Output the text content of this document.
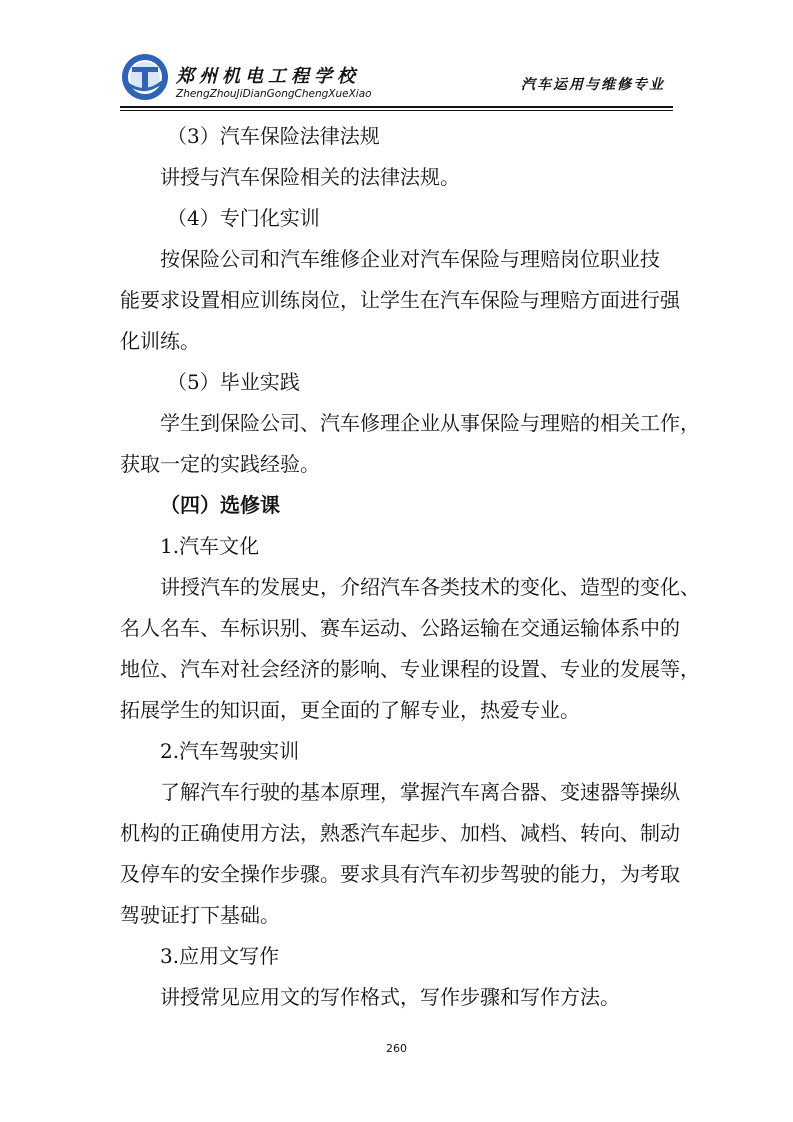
郑州机电工程学校
ZhengZhouJiDianGongChengXueXiao
汽车运用与维修专业
（3）汽车保险法律法规
讲授与汽车保险相关的法律法规。
（4）专门化实训
按保险公司和汽车维修企业对汽车保险与理赔岗位职业技
能要求设置相应训练岗位，让学生在汽车保险与理赔方面进行强
化训练。
（5）毕业实践
学生到保险公司、汽车修理企业从事保险与理赔的相关工作，
获取一定的实践经验。
（四）选修课
1.汽车文化
讲授汽车的发展史，介绍汽车各类技术的变化、造型的变化、
名人名车、车标识别、赛车运动、公路运输在交通运输体系中的
地位、汽车对社会经济的影响、专业课程的设置、专业的发展等，
拓展学生的知识面，更全面的了解专业，热爱专业。
2.汽车驾驶实训
了解汽车行驶的基本原理，掌握汽车离合器、变速器等操纵
机构的正确使用方法，熟悉汽车起步、加档、减档、转向、制动
及停车的安全操作步骤。要求具有汽车初步驾驶的能力，为考取
驾驶证打下基础。
3.应用文写作
讲授常见应用文的写作格式，写作步骤和写作方法。
260
